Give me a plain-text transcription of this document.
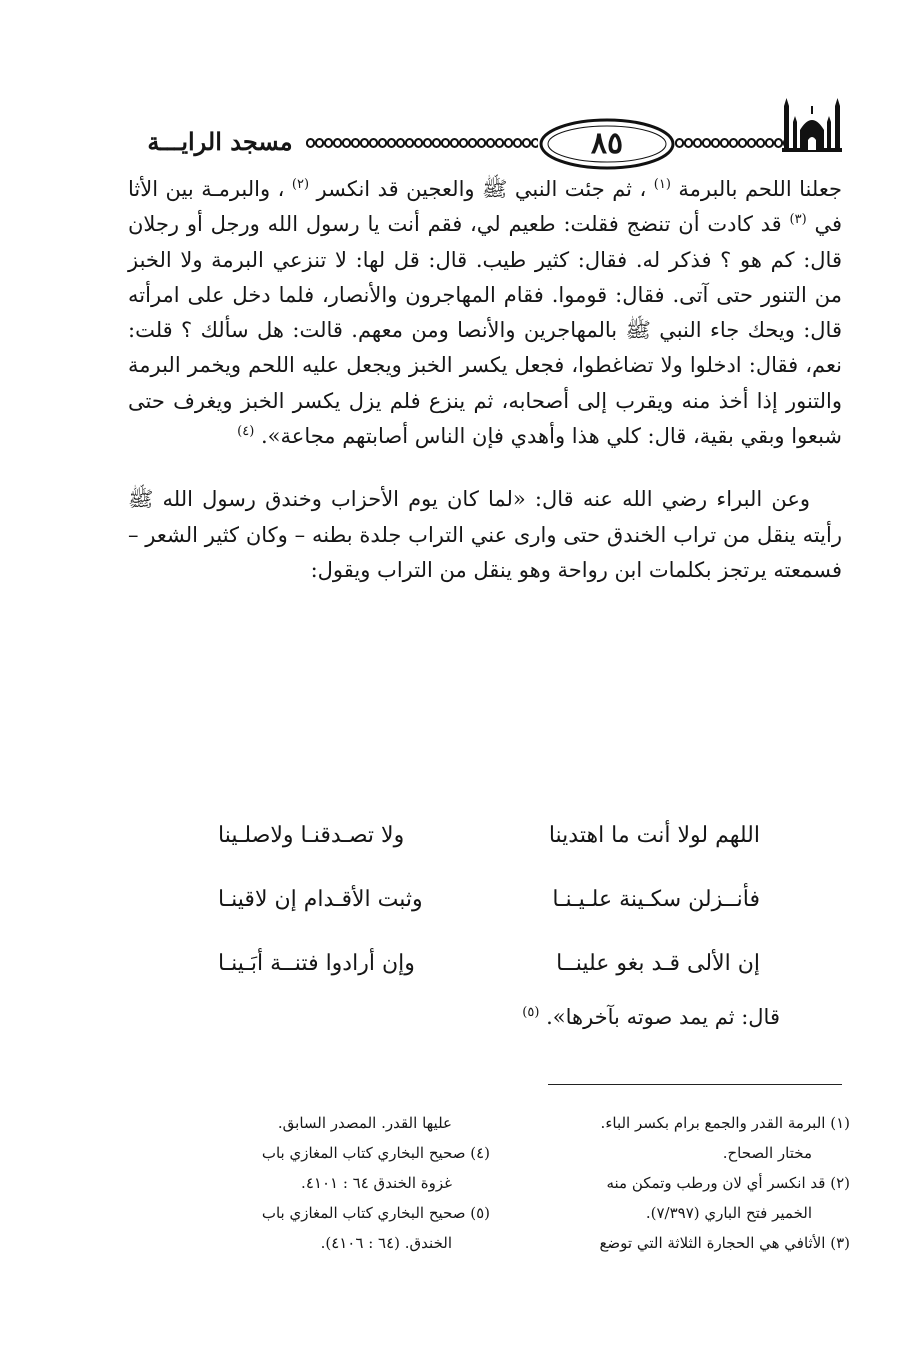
٨٥
مسجد الرايـــة

جعلنا اللحم بالبرمة $^{(١)}$ ، ثم جئت النبي ﷺ والعجين قد انكسر $^{(٢)}$ ، والبرمـة بين الأثا في $^{(٣)}$ قد كادت أن تنضج فقلت: طعيم لي، فقم أنت يا رسول الله ورجل أو رجلان قال: كم هو ؟ فذكر له. فقال: كثير طيب. قال: قل لها: لا تنزعي البرمة ولا الخبز من التنور حتى آتى. فقال: قوموا. فقام المهاجرون والأنصار، فلما دخل على امرأته قال: ويحك جاء النبي ﷺ بالمهاجرين والأنصا ومن معهم. قالت: هل سألك ؟ قلت: نعم، فقال: ادخلوا ولا تضاغطوا، فجعل يكسر الخبز ويجعل عليه اللحم ويخمر البرمة والتنور إذا أخذ منه ويقرب إلى أصحابه، ثم ينزع فلم يزل يكسر الخبز ويغرف حتى شبعوا وبقي بقية، قال: كلي هذا وأهدي فإن الناس أصابتهم مجاعة». $^{(٤)}$

وعن البراء رضي الله عنه قال: «لما كان يوم الأحزاب وخندق رسول الله ﷺ رأيته ينقل من تراب الخندق حتى وارى عني التراب جلدة بطنه – وكان كثير الشعر – فسمعته يرتجز بكلمات ابن رواحة وهو ينقل من التراب ويقول:

اللهم لولا أنت ما اهتدينا
ولا تصـدقنـا ولاصلـينا
فأنــزلن سكـينة علـيـنـا
وثبت الأقـدام إن لاقينـا
إن الألى قـد بغو علينــا
وإن أرادوا فتنــة أبَـينـا
قال: ثم يمد صوته بآخرها». $^{(٥)}$
(١) البرمة القدر والجمع برام بكسر الباء.
مختار الصحاح.
(٢) قد انكسر أي لان ورطب وتمكن منه
الخمير فتح الباري (٧/٣٩٧).
(٣) الأثافي هي الحجارة الثلاثة التي توضع
عليها القدر. المصدر السابق.
(٤) صحيح البخاري كتاب المغازي باب
غزوة الخندق ٦٤ : ٤١٠١.
(٥) صحيح البخاري كتاب المغازي باب
الخندق. (٦٤ : ٤١٠٦).
